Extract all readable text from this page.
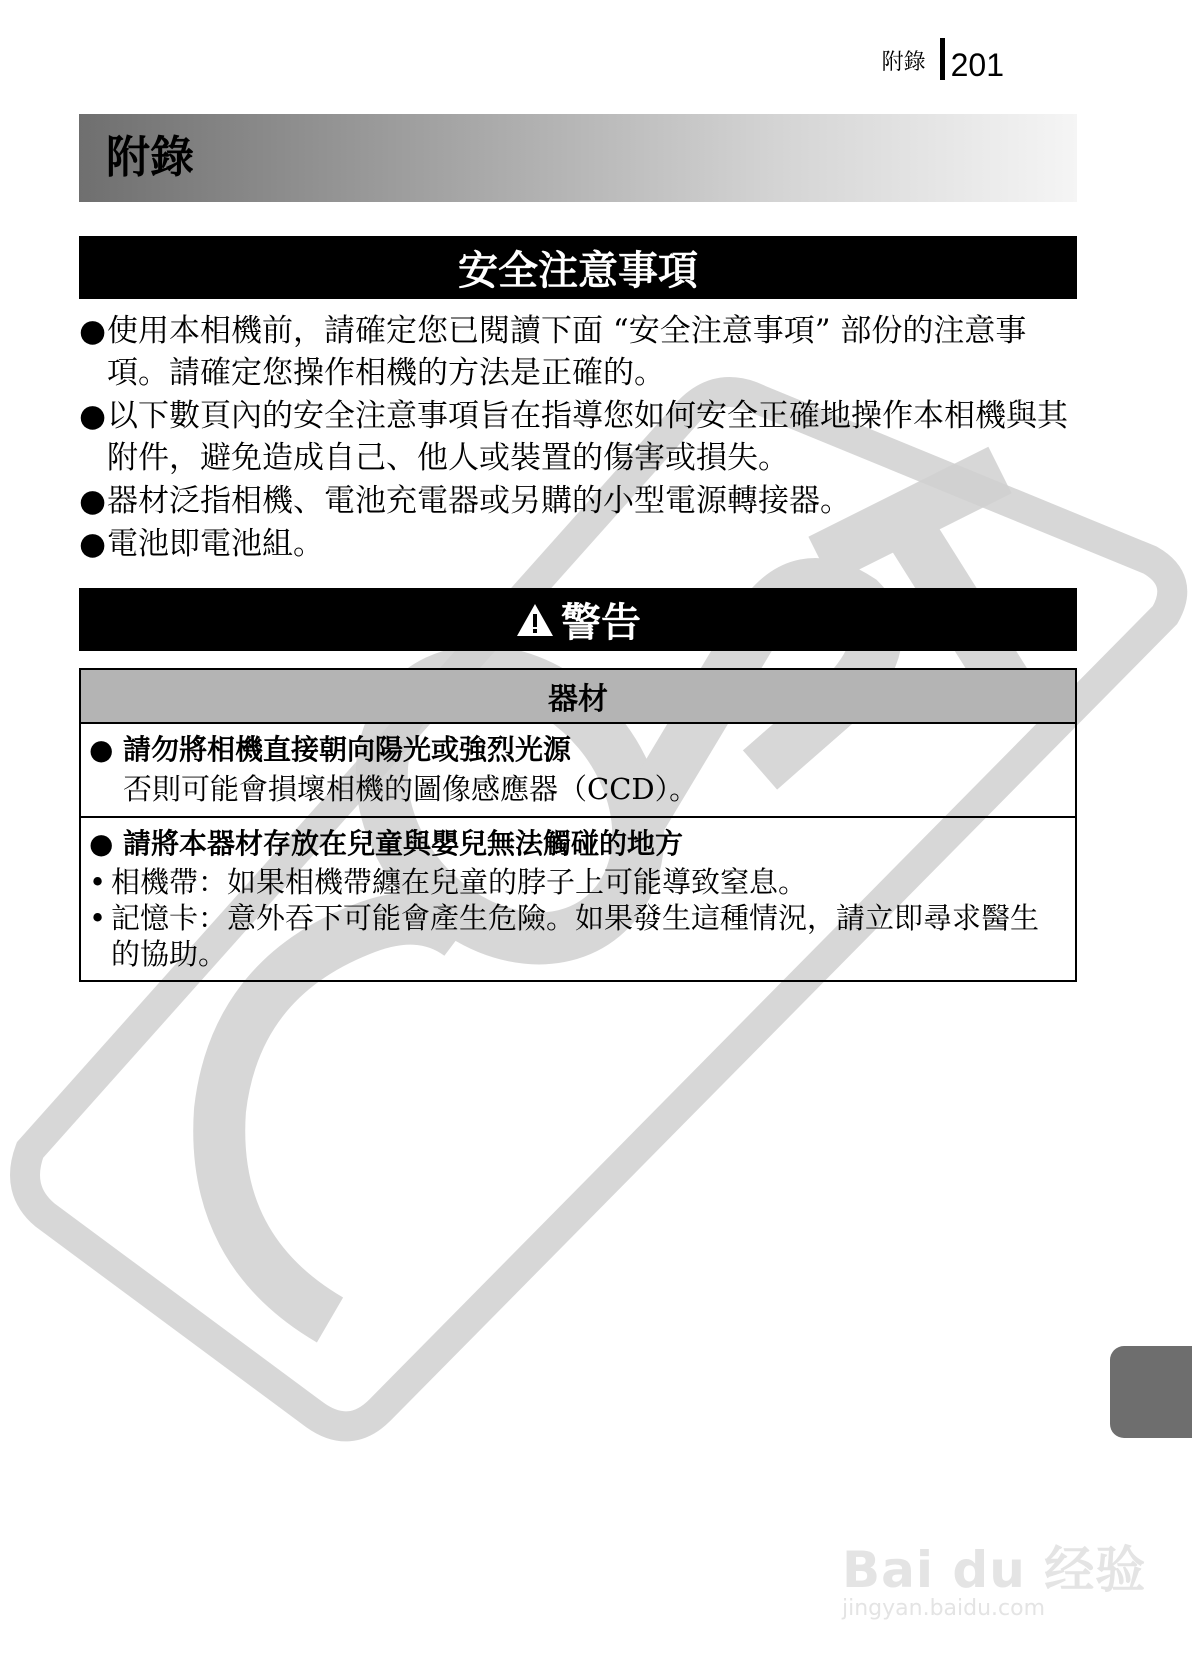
附錄 201
附錄
安全注意事項
● 使用本相機前，請確定您已閱讀下面 “安全注意事項” 部份的注意事項。請確定您操作相機的方法是正確的。
● 以下數頁內的安全注意事項旨在指導您如何安全正確地操作本相機與其附件，避免造成自己、他人或裝置的傷害或損失。
● 器材泛指相機、電池充電器或另購的小型電源轉接器。
● 電池即電池組。
警告
器材
● 請勿將相機直接朝向陽光或強烈光源
否則可能會損壞相機的圖像感應器（CCD）。
● 請將本器材存放在兒童與嬰兒無法觸碰的地方
• 相機帶：如果相機帶纏在兒童的脖子上可能導致窒息。
• 記憶卡：意外吞下可能會產生危險。如果發生這種情況，請立即尋求醫生的協助。
Bai du 经验
jingyan.baidu.com
